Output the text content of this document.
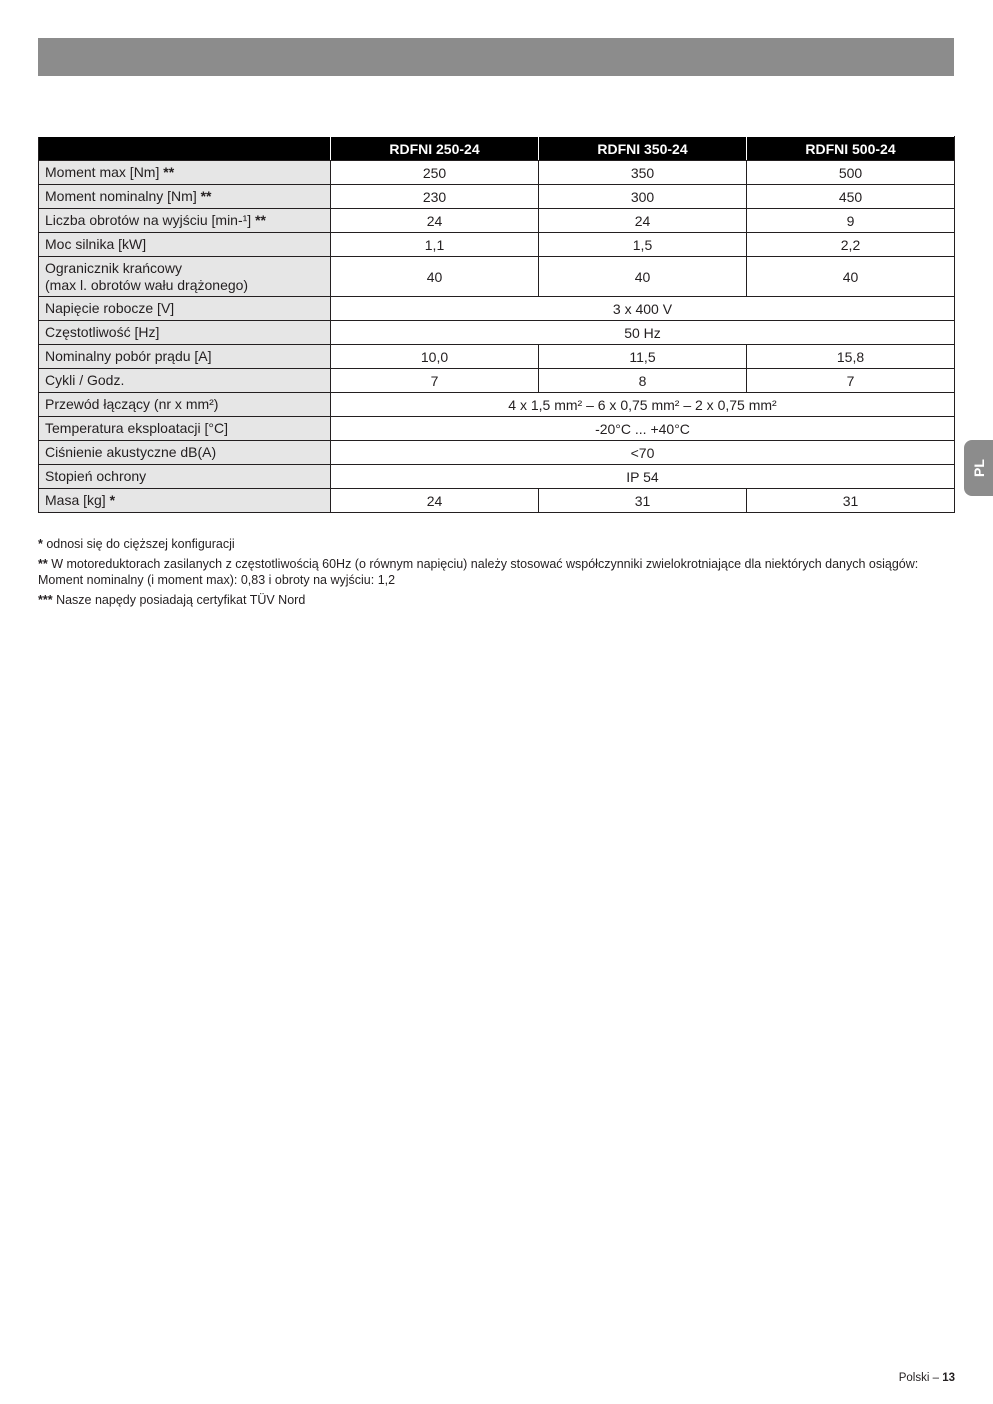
	RDFNI 250-24	RDFNI 350-24	RDFNI 500-24
Moment max [Nm] **	250	350	500
Moment nominalny [Nm] **	230	300	450
Liczba obrotów na wyjściu [min-¹] **	24	24	9
Moc silnika [kW]	1,1	1,5	2,2
Ogranicznik krańcowy
(max l. obrotów wału drążonego)	40	40	40
Napięcie robocze [V]	3 x 400 V		
Częstotliwość [Hz]	50 Hz		
Nominalny pobór prądu [A]	10,0	11,5	15,8
Cykli / Godz.	7	8	7
Przewód łączący (nr x mm²)	4 x 1,5 mm² – 6 x 0,75 mm² – 2 x 0,75 mm²		
Temperatura eksploatacji [°C]	-20°C ... +40°C		
Ciśnienie akustyczne dB(A)	<70		
Stopień ochrony	IP 54		
Masa [kg] *	24	31	31

* odnosi się do cięższej konfiguracji

** W motoreduktorach zasilanych z częstotliwością 60Hz (o równym napięciu) należy stosować współczynniki zwielokrotniające dla niektórych danych osiągów: Moment nominalny (i moment max): 0,83 i obroty na wyjściu: 1,2

*** Nasze napędy posiadają certyfikat TÜV Nord

PL
Polski – 13
